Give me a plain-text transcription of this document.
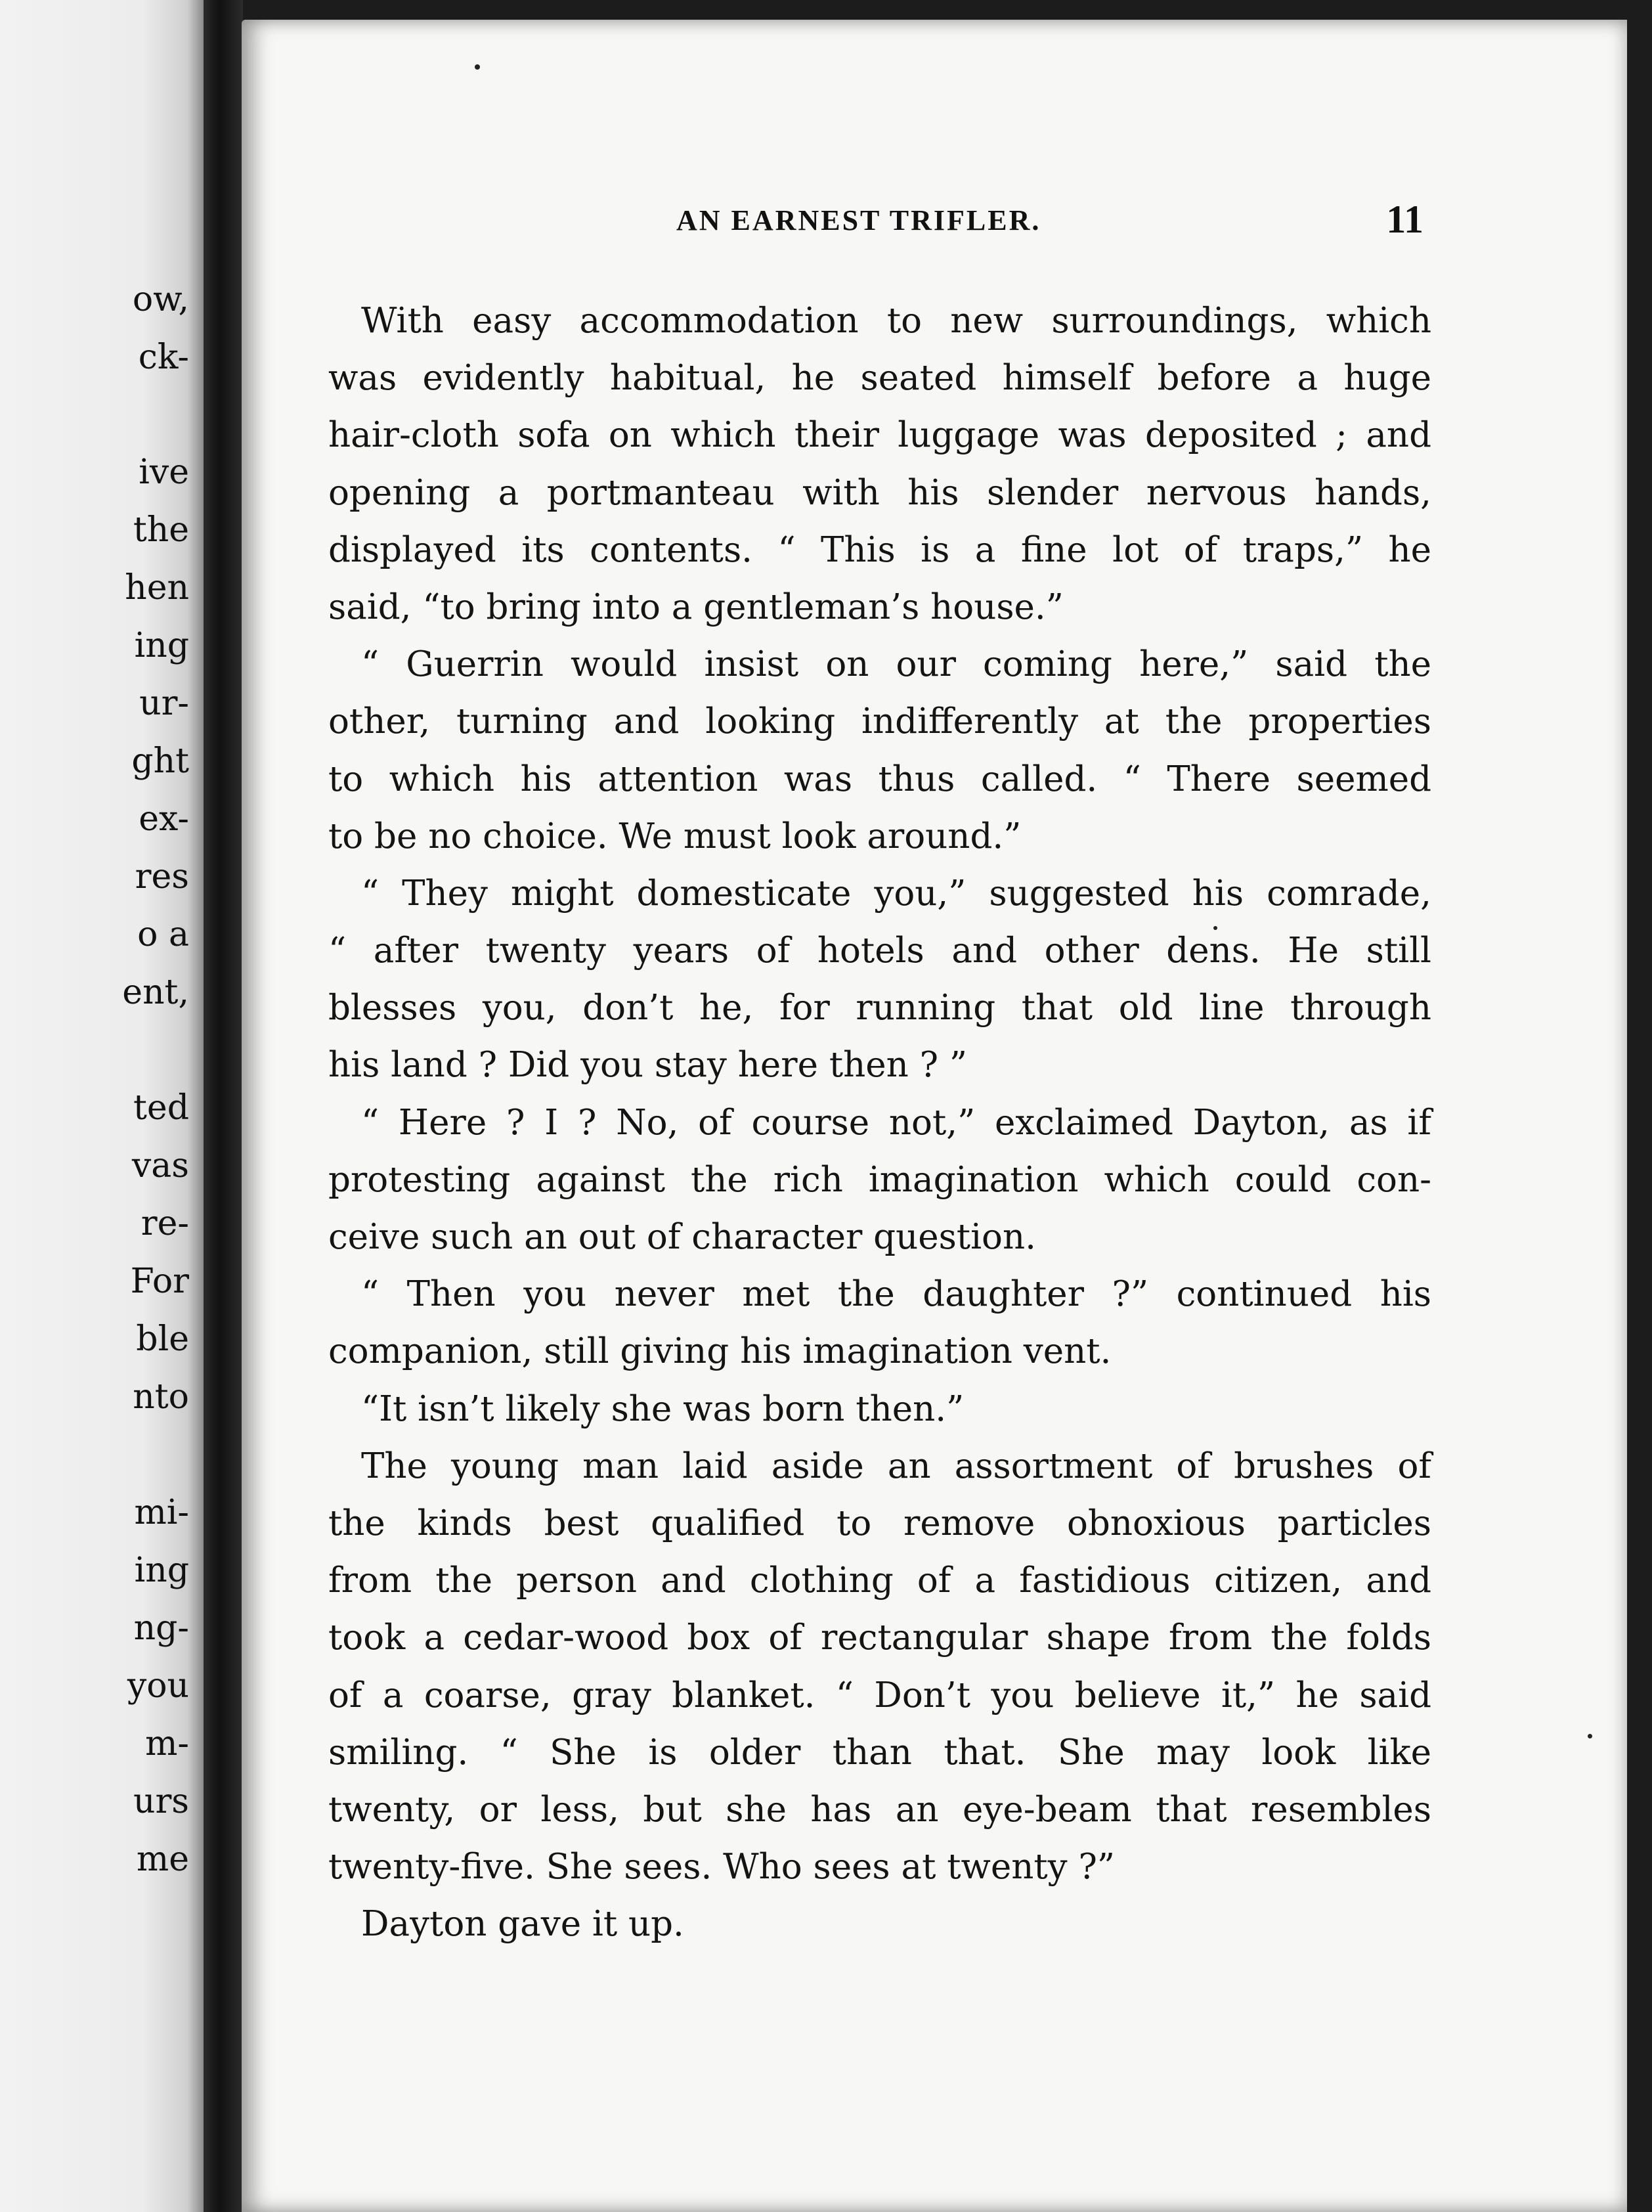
ow,
ck-
ive
the
hen
ing
ur-
ght
ex-
res
o a
ent,
ted
vas
re-
For
ble
nto
mi-
ing
ng-
you
m-
urs
me
AN EARNEST TRIFLER.	11
With easy accommodation to new surroundings, which
was evidently habitual, he seated himself before a huge
hair-cloth sofa on which their luggage was deposited ; and
opening a portmanteau with his slender nervous hands,
displayed its contents. “ This is a fine lot of traps,” he
said, “to bring into a gentleman’s house.”
“ Guerrin would insist on our coming here,” said the
other, turning and looking indifferently at the properties
to which his attention was thus called. “ There seemed
to be no choice. We must look around.”
“ They might domesticate you,” suggested his comrade,
“ after twenty years of hotels and other dens. He still
blesses you, don’t he, for running that old line through
his land ? Did you stay here then ? ”
“ Here ? I ? No, of course not,” exclaimed Dayton, as if
protesting against the rich imagination which could con-
ceive such an out of character question.
“ Then you never met the daughter ?” continued his
companion, still giving his imagination vent.
“It isn’t likely she was born then.”
The young man laid aside an assortment of brushes of
the kinds best qualified to remove obnoxious particles
from the person and clothing of a fastidious citizen, and
took a cedar-wood box of rectangular shape from the folds
of a coarse, gray blanket. “ Don’t you believe it,” he said
smiling. “ She is older than that. She may look like
twenty, or less, but she has an eye-beam that resembles
twenty-five. She sees. Who sees at twenty ?”
Dayton gave it up.
